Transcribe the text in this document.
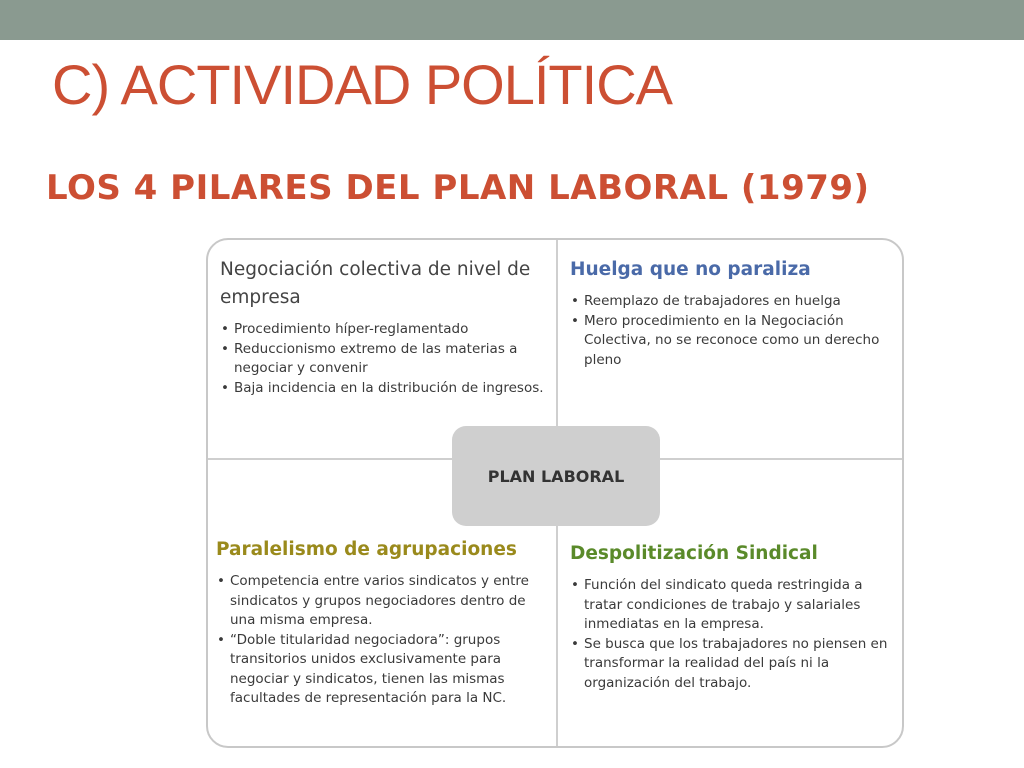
C) ACTIVIDAD POLÍTICA
LOS 4 PILARES DEL PLAN LABORAL (1979)
Negociación colectiva de nivel de empresa
• Procedimiento híper-reglamentado
• Reduccionismo extremo de las materias a negociar y convenir
• Baja incidencia en la distribución de ingresos.
Huelga que no paraliza
• Reemplazo de trabajadores en huelga
• Mero procedimiento en la Negociación Colectiva, no se reconoce como un derecho pleno
Paralelismo de agrupaciones
• Competencia entre varios sindicatos y entre sindicatos y grupos negociadores dentro de una misma empresa.
• “Doble titularidad negociadora”: grupos transitorios unidos exclusivamente para negociar y sindicatos, tienen las mismas facultades de representación para la NC.
Despolitización Sindical
• Función del sindicato queda restringida a tratar condiciones de trabajo y salariales inmediatas en la empresa.
• Se busca que los trabajadores no piensen en transformar la realidad del país ni la organización del trabajo.
PLAN LABORAL
